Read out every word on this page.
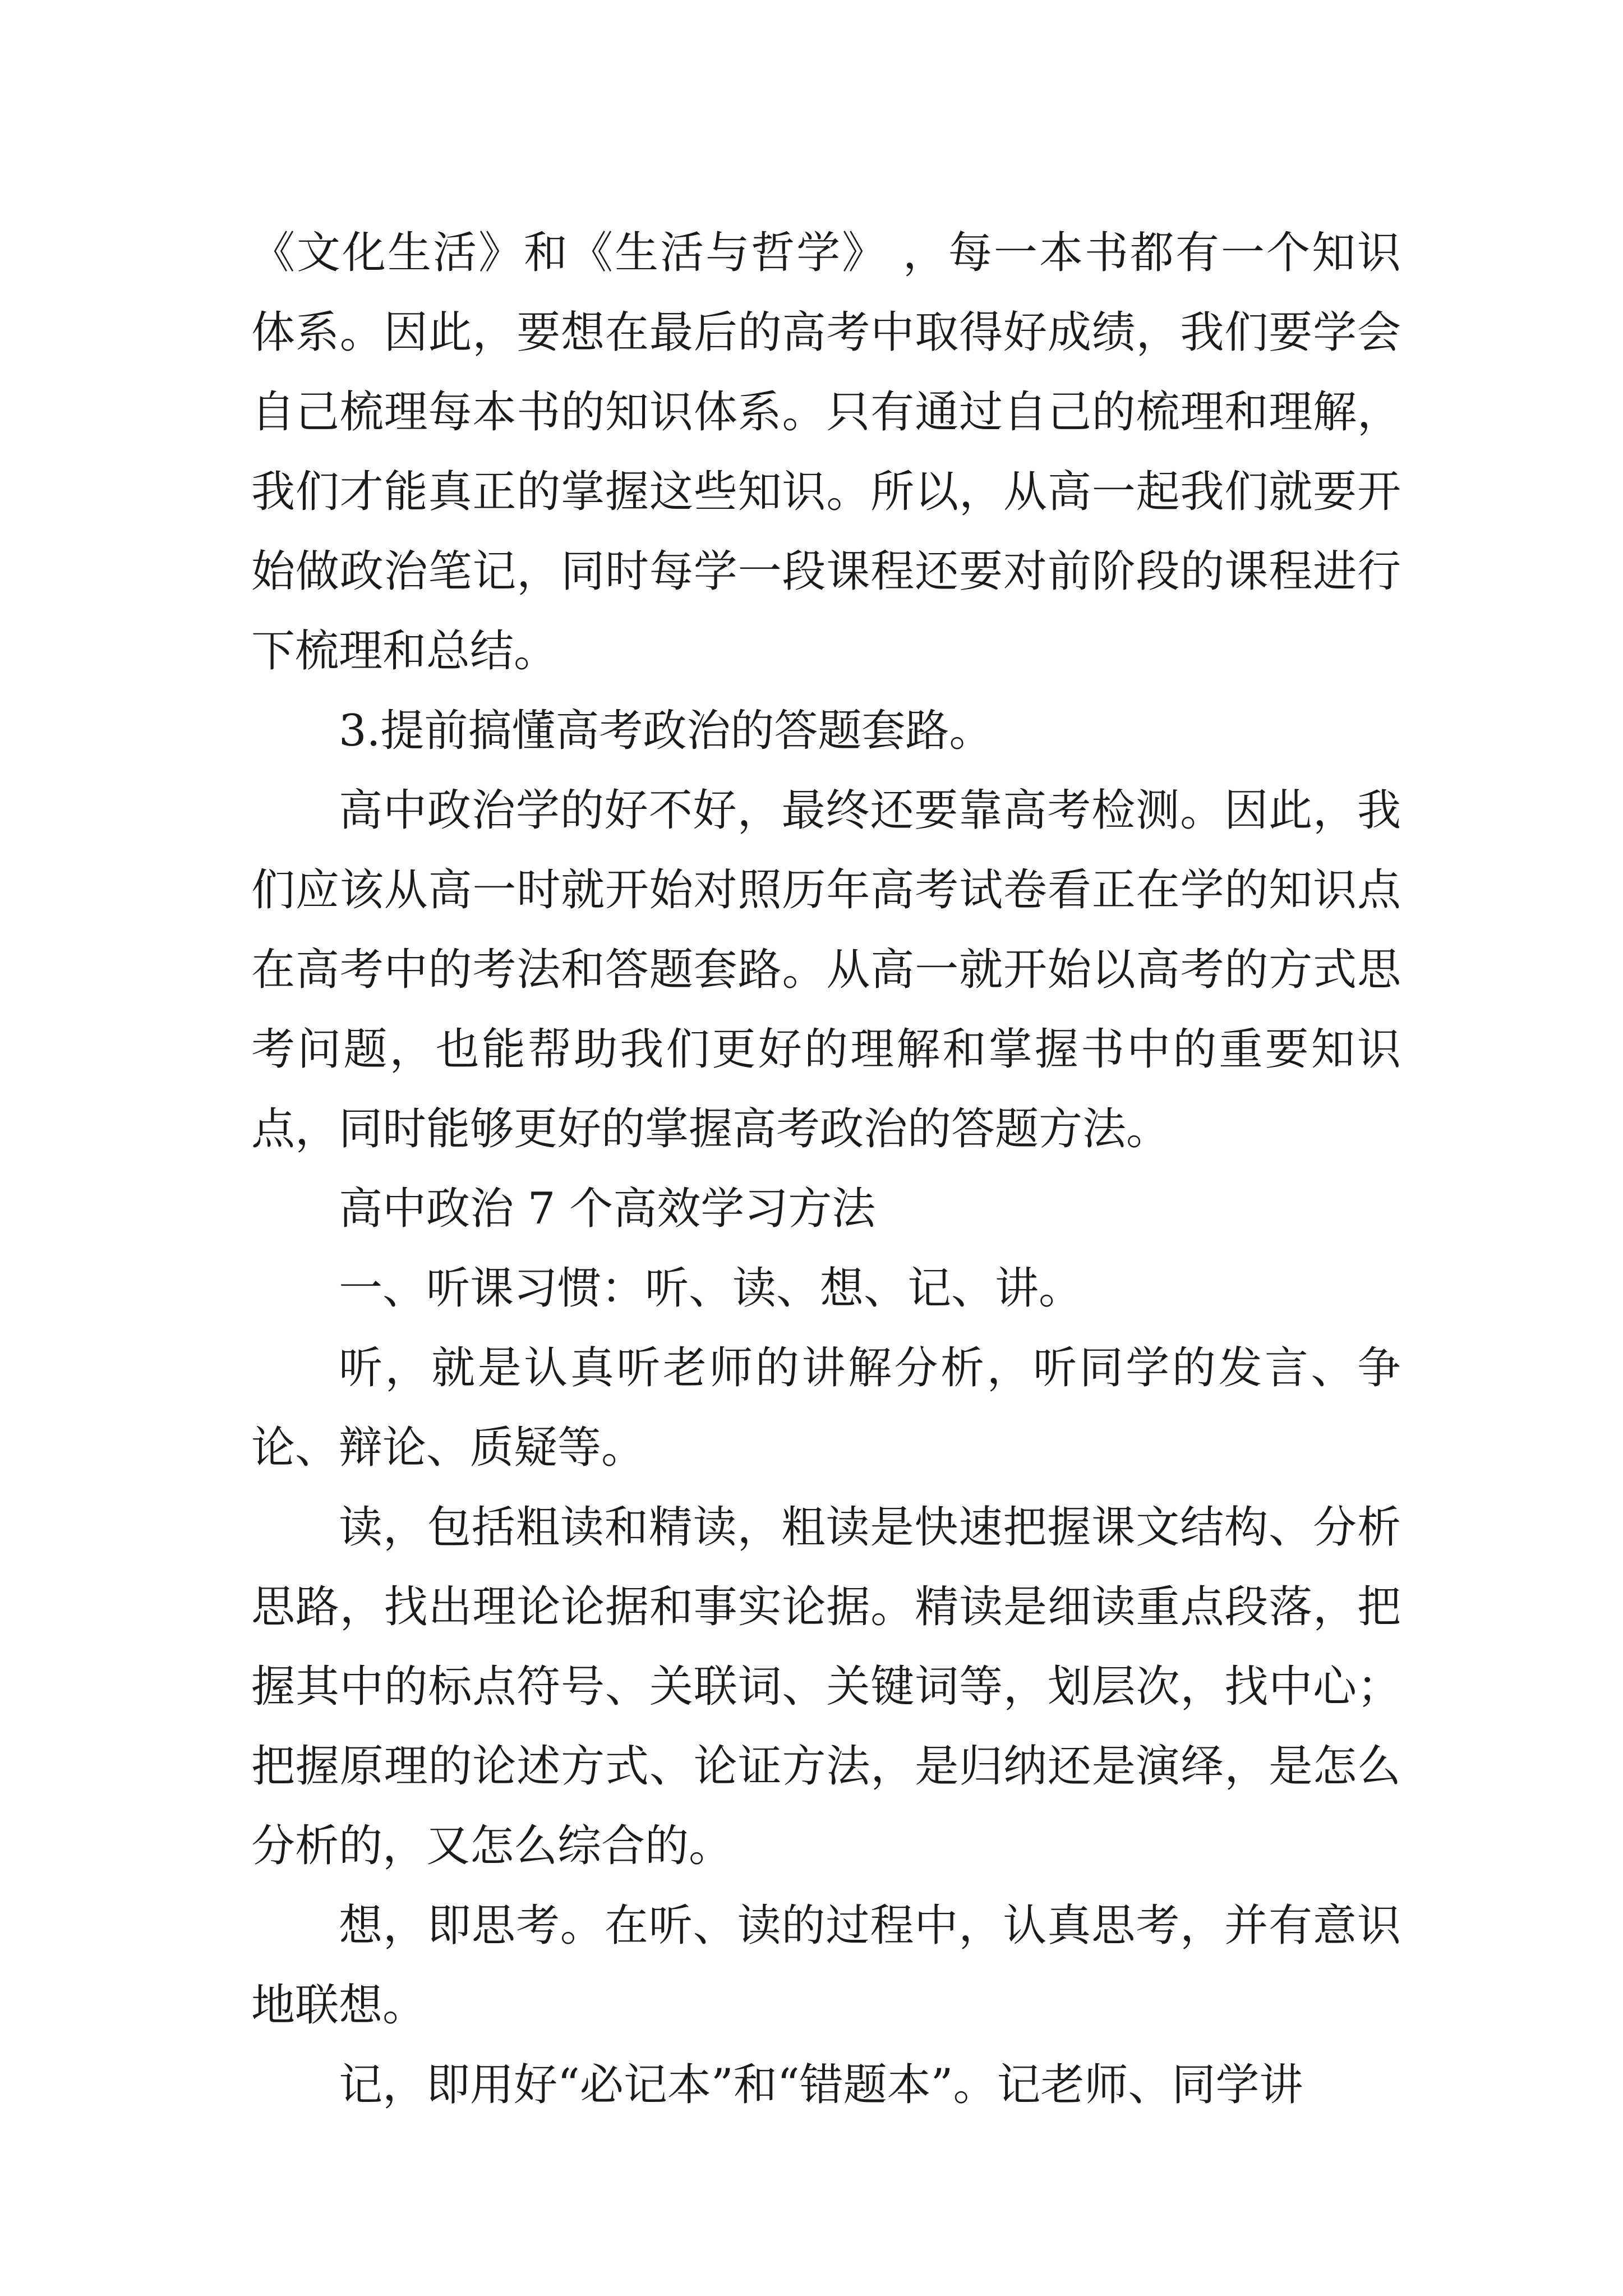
《文化生活》和《生活与哲学》 ，每一本书都有一个知识体系。因此，要想在最后的高考中取得好成绩，我们要学会自己梳理每本书的知识体系。只有通过自己的梳理和理解，我们才能真正的掌握这些知识。所以，从高一起我们就要开始做政治笔记，同时每学一段课程还要对前阶段的课程进行下梳理和总结。

3.提前搞懂高考政治的答题套路。

高中政治学的好不好，最终还要靠高考检测。因此，我们应该从高一时就开始对照历年高考试卷看正在学的知识点在高考中的考法和答题套路。从高一就开始以高考的方式思考问题，也能帮助我们更好的理解和掌握书中的重要知识点，同时能够更好的掌握高考政治的答题方法。

高中政治 7 个高效学习方法

一、听课习惯：听、读、想、记、讲。

听，就是认真听老师的讲解分析，听同学的发言、争论、辩论、质疑等。

读，包括粗读和精读，粗读是快速把握课文结构、分析思路，找出理论论据和事实论据。精读是细读重点段落，把握其中的标点符号、关联词、关键词等，划层次，找中心；把握原理的论述方式、论证方法，是归纳还是演绎，是怎么分析的，又怎么综合的。

想，即思考。在听、读的过程中，认真思考，并有意识地联想。

记，即用好“必记本”和“错题本”。记老师、同学讲
